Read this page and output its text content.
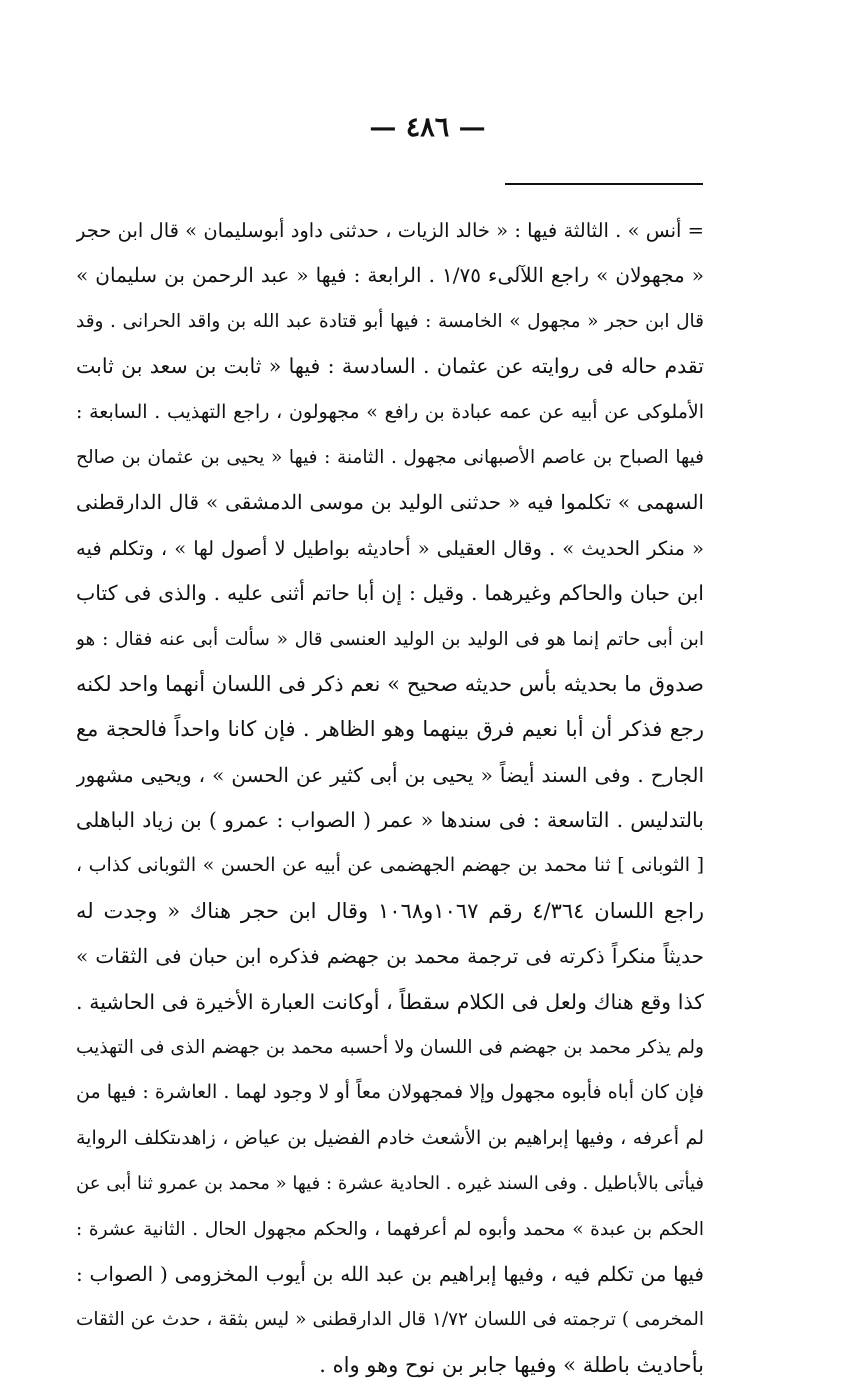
— ٤٨٦ —
= أنس » . الثالثة فيها : « خالد الزيات ، حدثنى داود أبوسليمان » قال ابن حجر
« مجهولان » راجع اللآلىء ١/٧٥ . الرابعة : فيها « عبد الرحمن بن سليمان »
قال ابن حجر « مجهول » الخامسة : فيها أبو قتادة عبد الله بن واقد الحرانى . وقد
تقدم حاله فى روايته عن عثمان . السادسة : فيها « ثابت بن سعد بن ثابت
الأملوكى عن أبيه عن عمه عبادة بن رافع » مجهولون ، راجع التهذيب . السابعة :
فيها الصباح بن عاصم الأصبهانى مجهول . الثامنة : فيها « يحيى بن عثمان بن صالح
السهمى » تكلموا فيه « حدثنى الوليد بن موسى الدمشقى » قال الدارقطنى
« منكر الحديث » . وقال العقيلى « أحاديثه بواطيل لا أصول لها » ، وتكلم فيه
ابن حبان والحاكم وغيرهما . وقيل : إن أبا حاتم أثنى عليه . والذى فى كتاب
ابن أبى حاتم إنما هو فى الوليد بن الوليد العنسى قال « سألت أبى عنه فقال : هو
صدوق ما بحديثه بأس حديثه صحيح » نعم ذكر فى اللسان أنهما واحد لكنه
رجع فذكر أن أبا نعيم فرق بينهما وهو الظاهر . فإن كانا واحداً فالحجة مع
الجارح . وفى السند أيضاً « يحيى بن أبى كثير عن الحسن » ، ويحيى مشهور
بالتدليس . التاسعة : فى سندها « عمر ( الصواب : عمرو ) بن زياد الباهلى
[ الثوبانى ] ثنا محمد بن جهضم الجهضمى عن أبيه عن الحسن » الثوبانى كذاب ،
راجع اللسان ٤/٣٦٤ رقم ١٠٦٧و١٠٦٨ وقال ابن حجر هناك « وجدت له
حديثاً منكراً ذكرته فى ترجمة محمد بن جهضم فذكره ابن حبان فى الثقات »
كذا وقع هناك ولعل فى الكلام سقطاً ، أوكانت العبارة الأخيرة فى الحاشية .
ولم يذكر محمد بن جهضم فى اللسان ولا أحسبه محمد بن جهضم الذى فى التهذيب
فإن كان أباه فأبوه مجهول وإلا فمجهولان معاً أو لا وجود لهما . العاشرة : فيها من
لم أعرفه ، وفيها إبراهيم بن الأشعث خادم الفضيل بن عياض ، زاهدىتكلف الرواية
فيأتى بالأباطيل . وفى السند غيره . الحادية عشرة : فيها « محمد بن عمرو ثنا أبى عن
الحكم بن عبدة » محمد وأبوه لم أعرفهما ، والحكم مجهول الحال . الثانية عشرة :
فيها من تكلم فيه ، وفيها إبراهيم بن عبد الله بن أيوب المخزومى ( الصواب :
المخرمى ) ترجمته فى اللسان ١/٧٢ قال الدارقطنى « ليس بثقة ، حدث عن الثقات
بأحاديث باطلة » وفيها جابر بن نوح وهو واه .
